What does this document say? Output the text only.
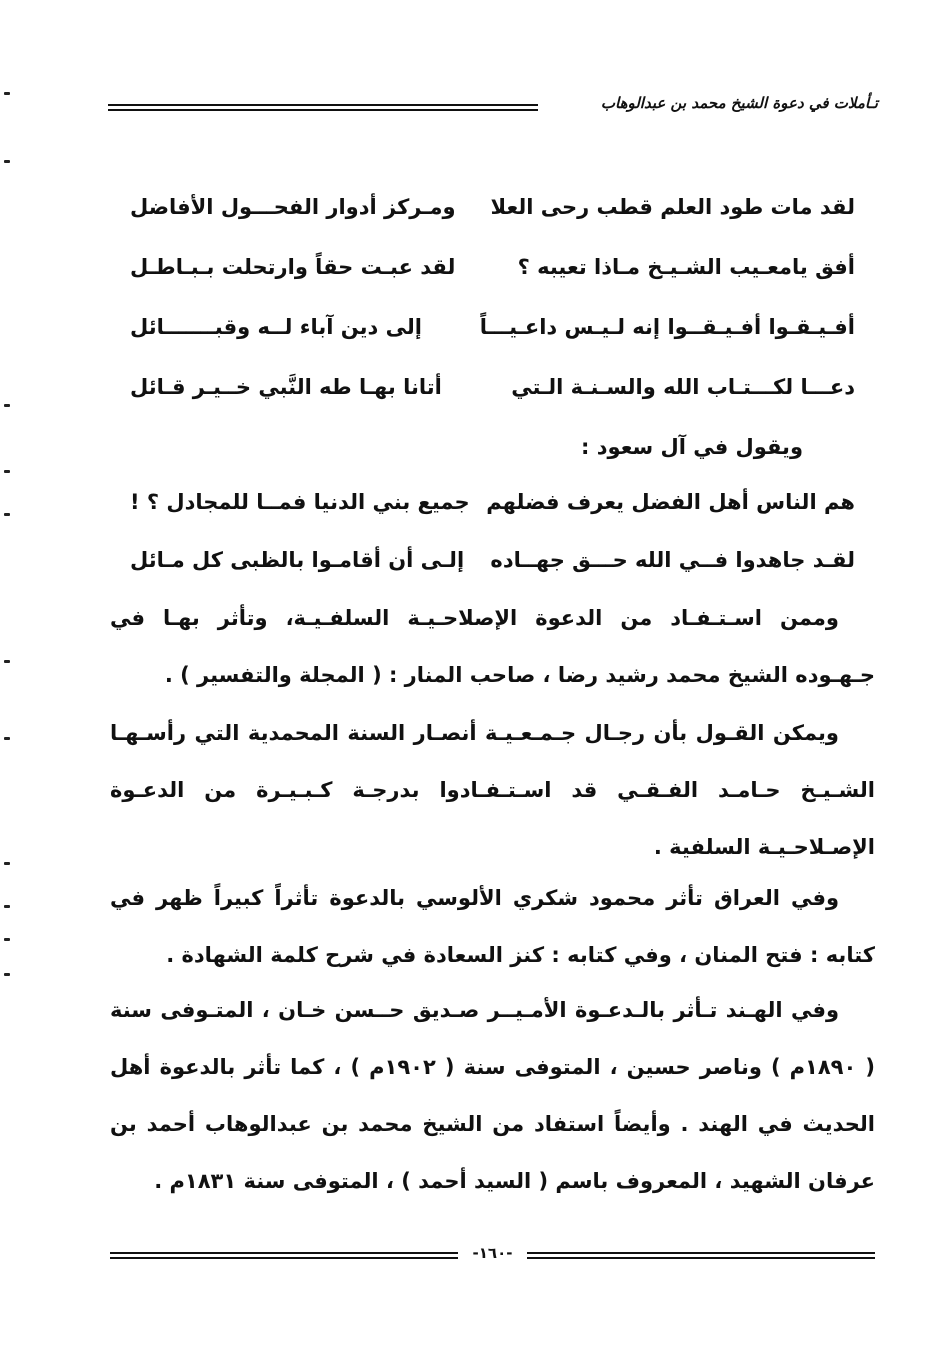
تـأملات في دعوة الشيخ محمد بن عبدالوهاب
لقد مات طود العلم قطب رحى العلا
ومـركز أدوار الفحـــول الأفاضل
أفق يامعـيب الشـيـخ مـاذا تعيبه ؟
لقد عبـت حقاً وارتحلت بـبـاطـل
أفـيـقـوا أفـيـقــوا إنه لـيـس داعـيـــاً
إلى دين آباء لــه وقبـــــــائل
دعـــا لكـــتـاب الله والسـنـة الـتي
أتانا بهـا طه النَّبي خــيـر قـائل
ويقول في آل سعود :
هم الناس أهل الفضل يعرف فضلهم
جميع بني الدنيا فمــا للمجادل ؟ !
لقـد جاهدوا فــي الله حـــق جهــاده
إلـى أن أقامـوا بالظبى كل مـائل

وممن اسـتـفـاد من الدعوة الإصلاحـيـة السلفـيـة، وتأثر بهـا في جـهـوده الشيخ محمد رشيد رضا ، صاحب المنار : ( المجلة والتفسير ) .

ويمكن القـول بأن رجـال جـمـعـيـة أنصـار السنة المحمدية التي رأسـهـا الشـيـخ حـامـد الفـقـي قد اسـتـفـادوا بدرجـة كـبـيـرة من الدعـوة الإصـلاحـيـة السلفية .

وفي العراق تأثر محمود شكري الألوسي بالدعوة تأثراً كبيراً ظهر في كتابه : فتح المنان ، وفي كتابه : كنز السعادة في شرح كلمة الشهادة .

وفي الهـند تـأثر بالـدعـوة الأمـيــر صـديق حــسن خـان ، المتـوفى سنة ( ١٨٩٠م ) وناصر حسين ، المتوفى سنة ( ١٩٠٢م ) ، كما تأثر بالدعوة أهل الحديث في الهند . وأيضاً استفاد من الشيخ محمد بن عبدالوهاب أحمد بن عرفان الشهيد ، المعروف باسم ( السيد أحمد ) ، المتوفى سنة ١٨٣١م .

-١٦٠-
